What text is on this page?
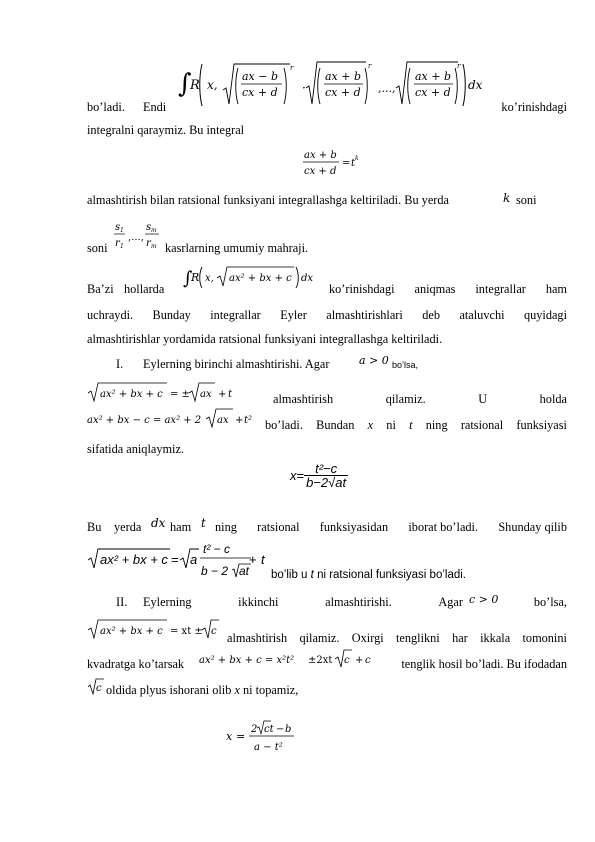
bo’ladi. Endi
∫
R x,
ax − b
cx + d
r
·
ax + b
cx + d
r
,...,
ax + b
cx + d
r
dx
ko’rinishdagi
integralni qaraymiz. Bu integral
ax + b
cx + d
= t k
almashtirish bilan ratsional funksiyani integrallashga keltiriladi. Bu yerda	k soni
soni
s 1
r 1
,...,
s m
r m kasrlarning umumiy mahraji.
Ba’zi hollarda ∫
R x, ax² + bx + c dx
ko’rinishdagi aniqmas integrallar ham
uchraydi. Bunday integrallar Eyler almashtirishlari deb ataluvchi quyidagi
almashtirishlar yordamida ratsional funksiyani integrallashga keltiriladi.
I. Eylerning birinchi almashtirishi. Agar	a > 0 bo’lsa,
ax² + bx + c = ± ax + t	almashtirish	qilamiz.	U	holda
ax² + bx − c = ax² + 2 ax + t² bo’ladi. Bundan x ni t ning ratsional funksiyasi
sifatida aniqlaymiz.
$x= \frac{\text{t²−c}}{b-2√at}$
Bu yerda dx ham t ning ratsional funksiyasidan iborat bo’ladi. Shunday qilib
ax² + bx + c = a
t² − c
b − 2 at
+ t
bo’lib u t ni ratsional funksiyasi bo’ladi.
II. Eylerning	ikkinchi	almashtirishi.	Agar c > 0	bo’lsa,
ax² + bx + c = xt ± c almashtirish qilamiz. Oxirgi tenglikni har ikkala tomonini
kvadratga ko’tarsak ax² + bx + c = x²t² ±2xt c + c tenglik hosil bo’ladi. Bu ifodadan
c oldida plyus ishorani olib x ni topamiz,
x =
2 ct − b
a − t²
